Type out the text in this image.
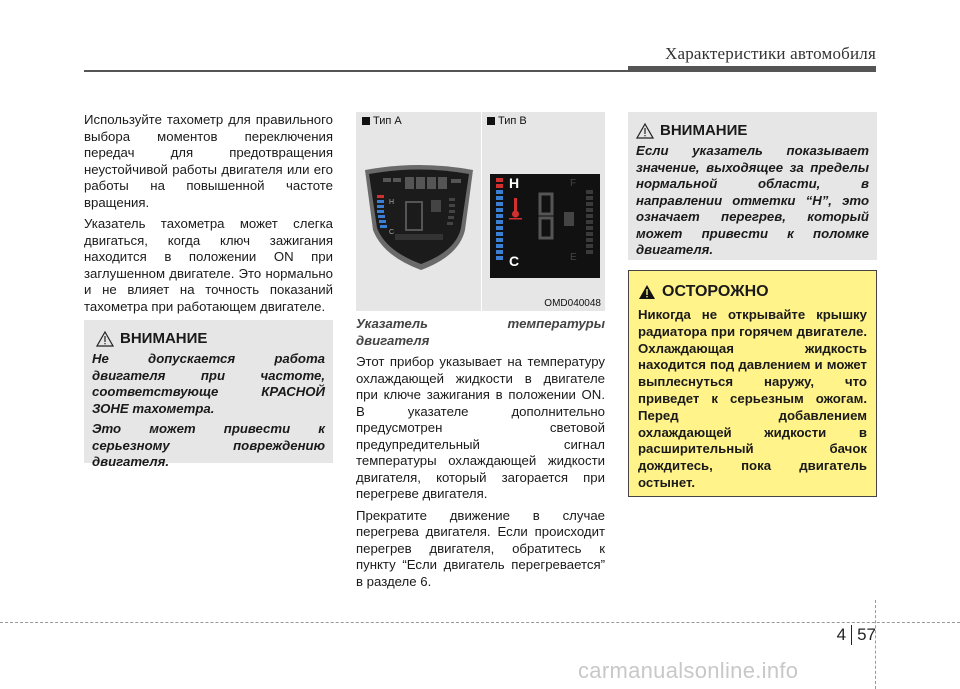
Характеристики автомобиля

Используйте тахометр для правильного выбора моментов переключения передач для предотвращения неустойчивой работы двигателя или его работы на повышенной частоте вращения.

Указатель тахометра может слегка двигаться, когда ключ зажигания находится в положении ON при заглушенном двигателе. Это нормально и не влияет на точность показаний тахометра при работающем двигателе.

ВНИМАНИЕ

Не допускается работа двигателя при частоте, соответствующе КРАСНОЙ ЗОНЕ тахометра.

Это может привести к серьезному повреждению двигателя.

Тип A	Тип B
H
C
H
C
F
E
OMD040048
Указатель температуры двигателя

Этот прибор указывает на температуру охлаждающей жидкости в двигателе при ключе зажигания в положении ON. В указателе дополнительно предусмотрен световой предупредительный сигнал температуры охлаждающей жидкости двигателя, который загорается при перегреве двигателя.

Прекратите движение в случае перегрева двигателя. Если происходит перегрев двигателя, обратитесь к пункту “Если двигатель перегревается” в разделе 6.

ВНИМАНИЕ
Если указатель показывает значение, выходящее за пределы нормальной области, в направлении отметки “H”, это означает перегрев, который может привести к поломке двигателя.
ОСТОРОЖНО
Никогда не открывайте крышку радиатора при горячем двигателе. Охлаждающая жидкость находится под давлением и может выплеснуться наружу, что приведет к серьезным ожогам. Перед добавлением охлаждающей жидкости в расширительный бачок дождитесь, пока двигатель остынет.
4 57
carmanualsonline.info
